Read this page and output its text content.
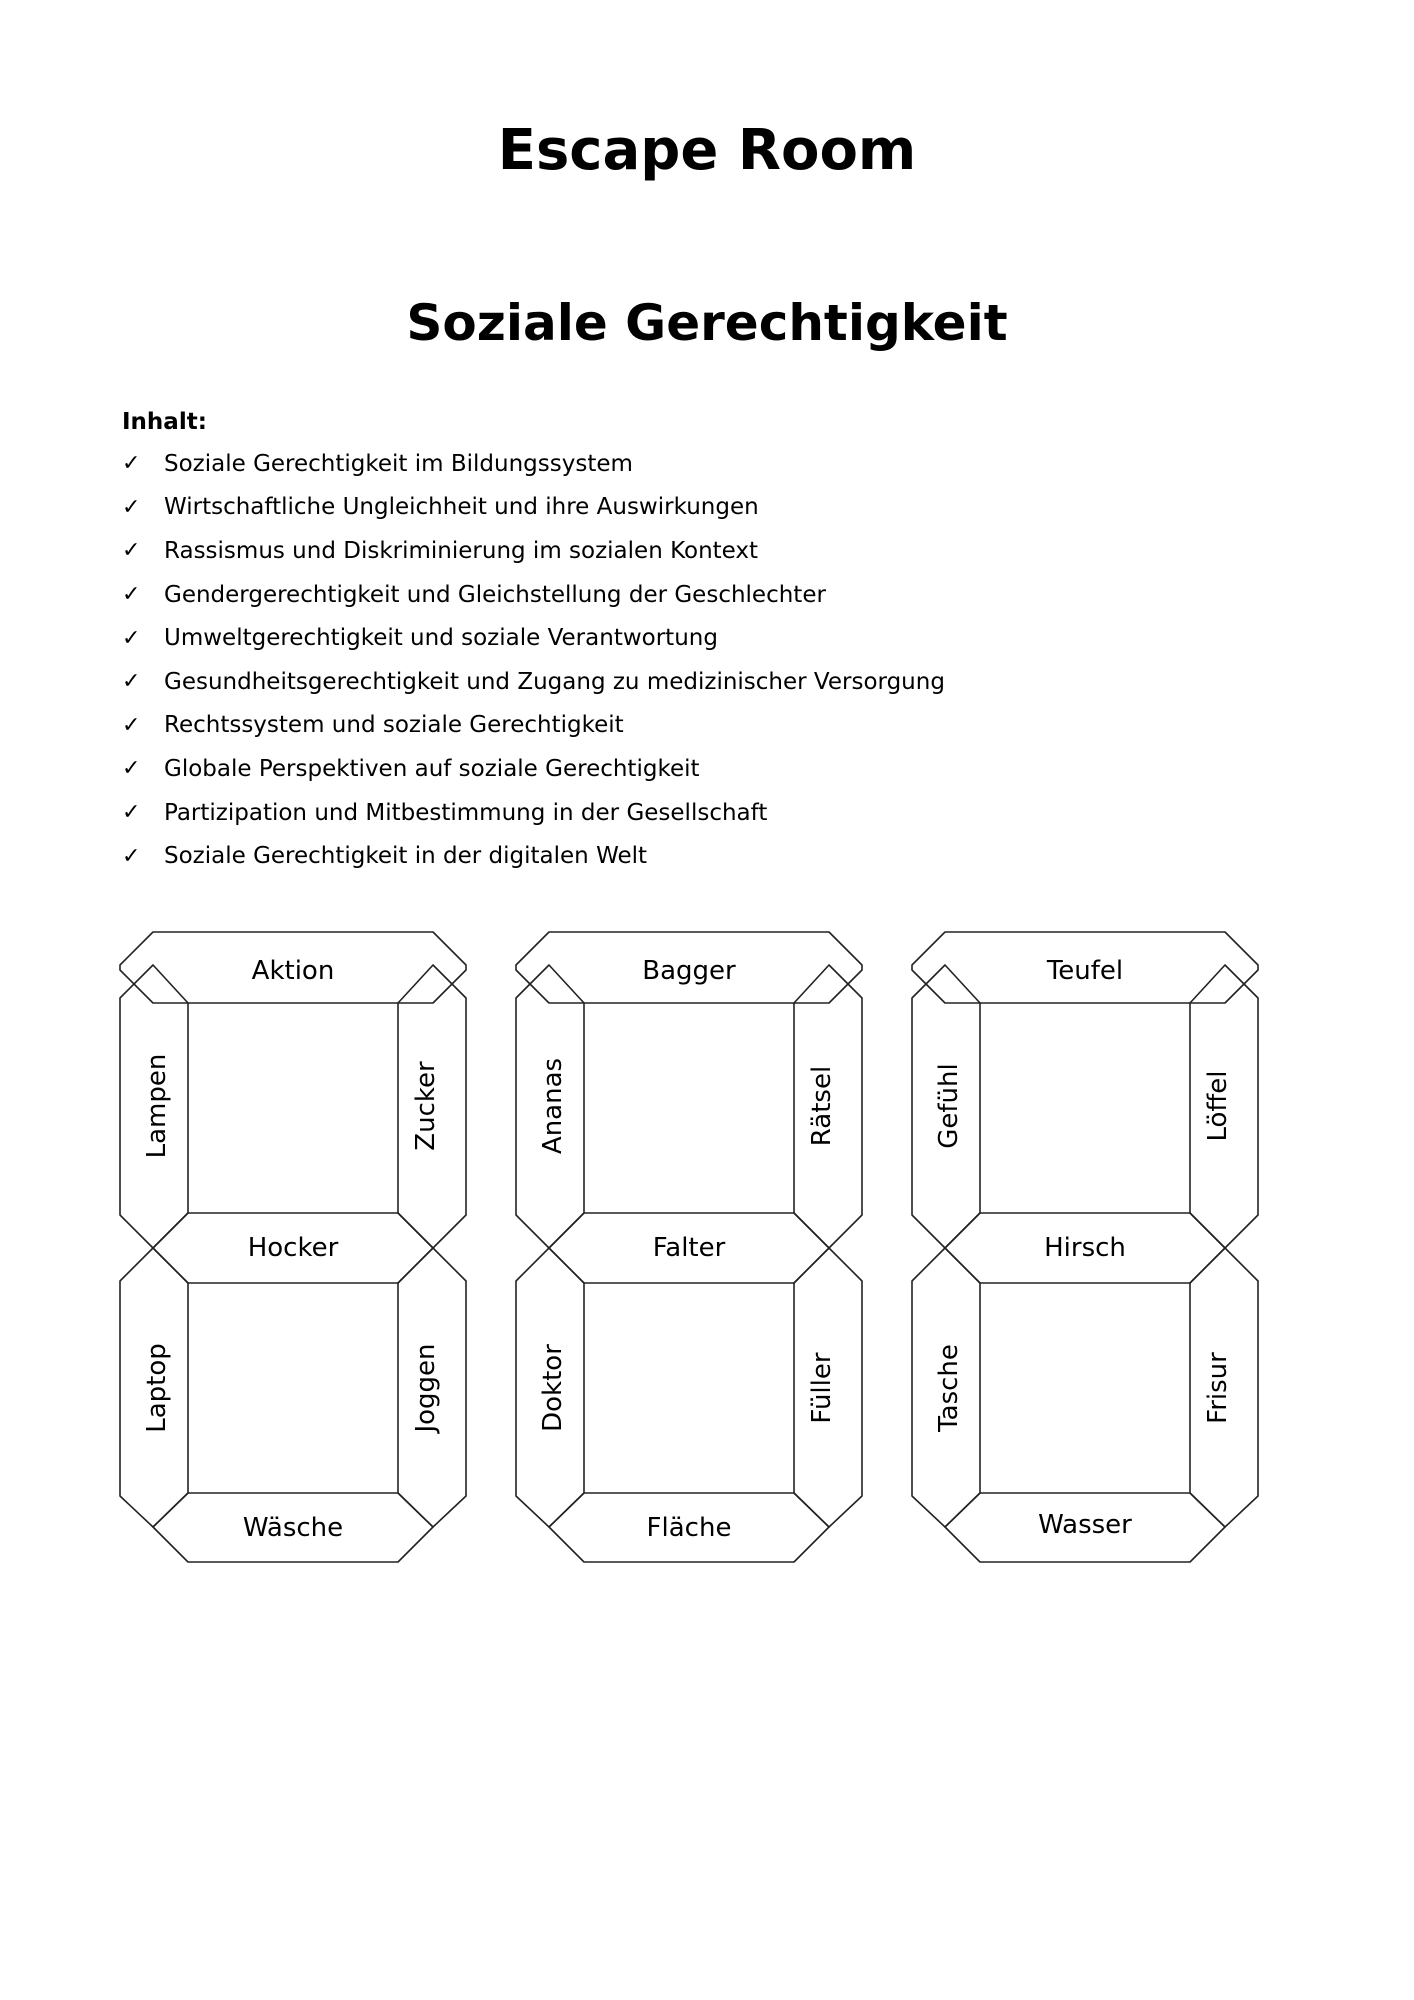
Escape Room
Soziale Gerechtigkeit
Inhalt:
✓	Soziale Gerechtigkeit im Bildungssystem
✓	Wirtschaftliche Ungleichheit und ihre Auswirkungen
✓	Rassismus und Diskriminierung im sozialen Kontext
✓	Gendergerechtigkeit und Gleichstellung der Geschlechter
✓	Umweltgerechtigkeit und soziale Verantwortung
✓	Gesundheitsgerechtigkeit und Zugang zu medizinischer Versorgung
✓	Rechtssystem und soziale Gerechtigkeit
✓	Globale Perspektiven auf soziale Gerechtigkeit
✓	Partizipation und Mitbestimmung in der Gesellschaft
✓	Soziale Gerechtigkeit in der digitalen Welt
Aktion
Lampen	Zucker
Hocker
Laptop	Joggen
Wäsche
Bagger
Ananas	Rätsel
Falter
Doktor	Füller
Fläche
Teufel
Gefühl	Löffel
Hirsch
Tasche	Frisur
Wasser
